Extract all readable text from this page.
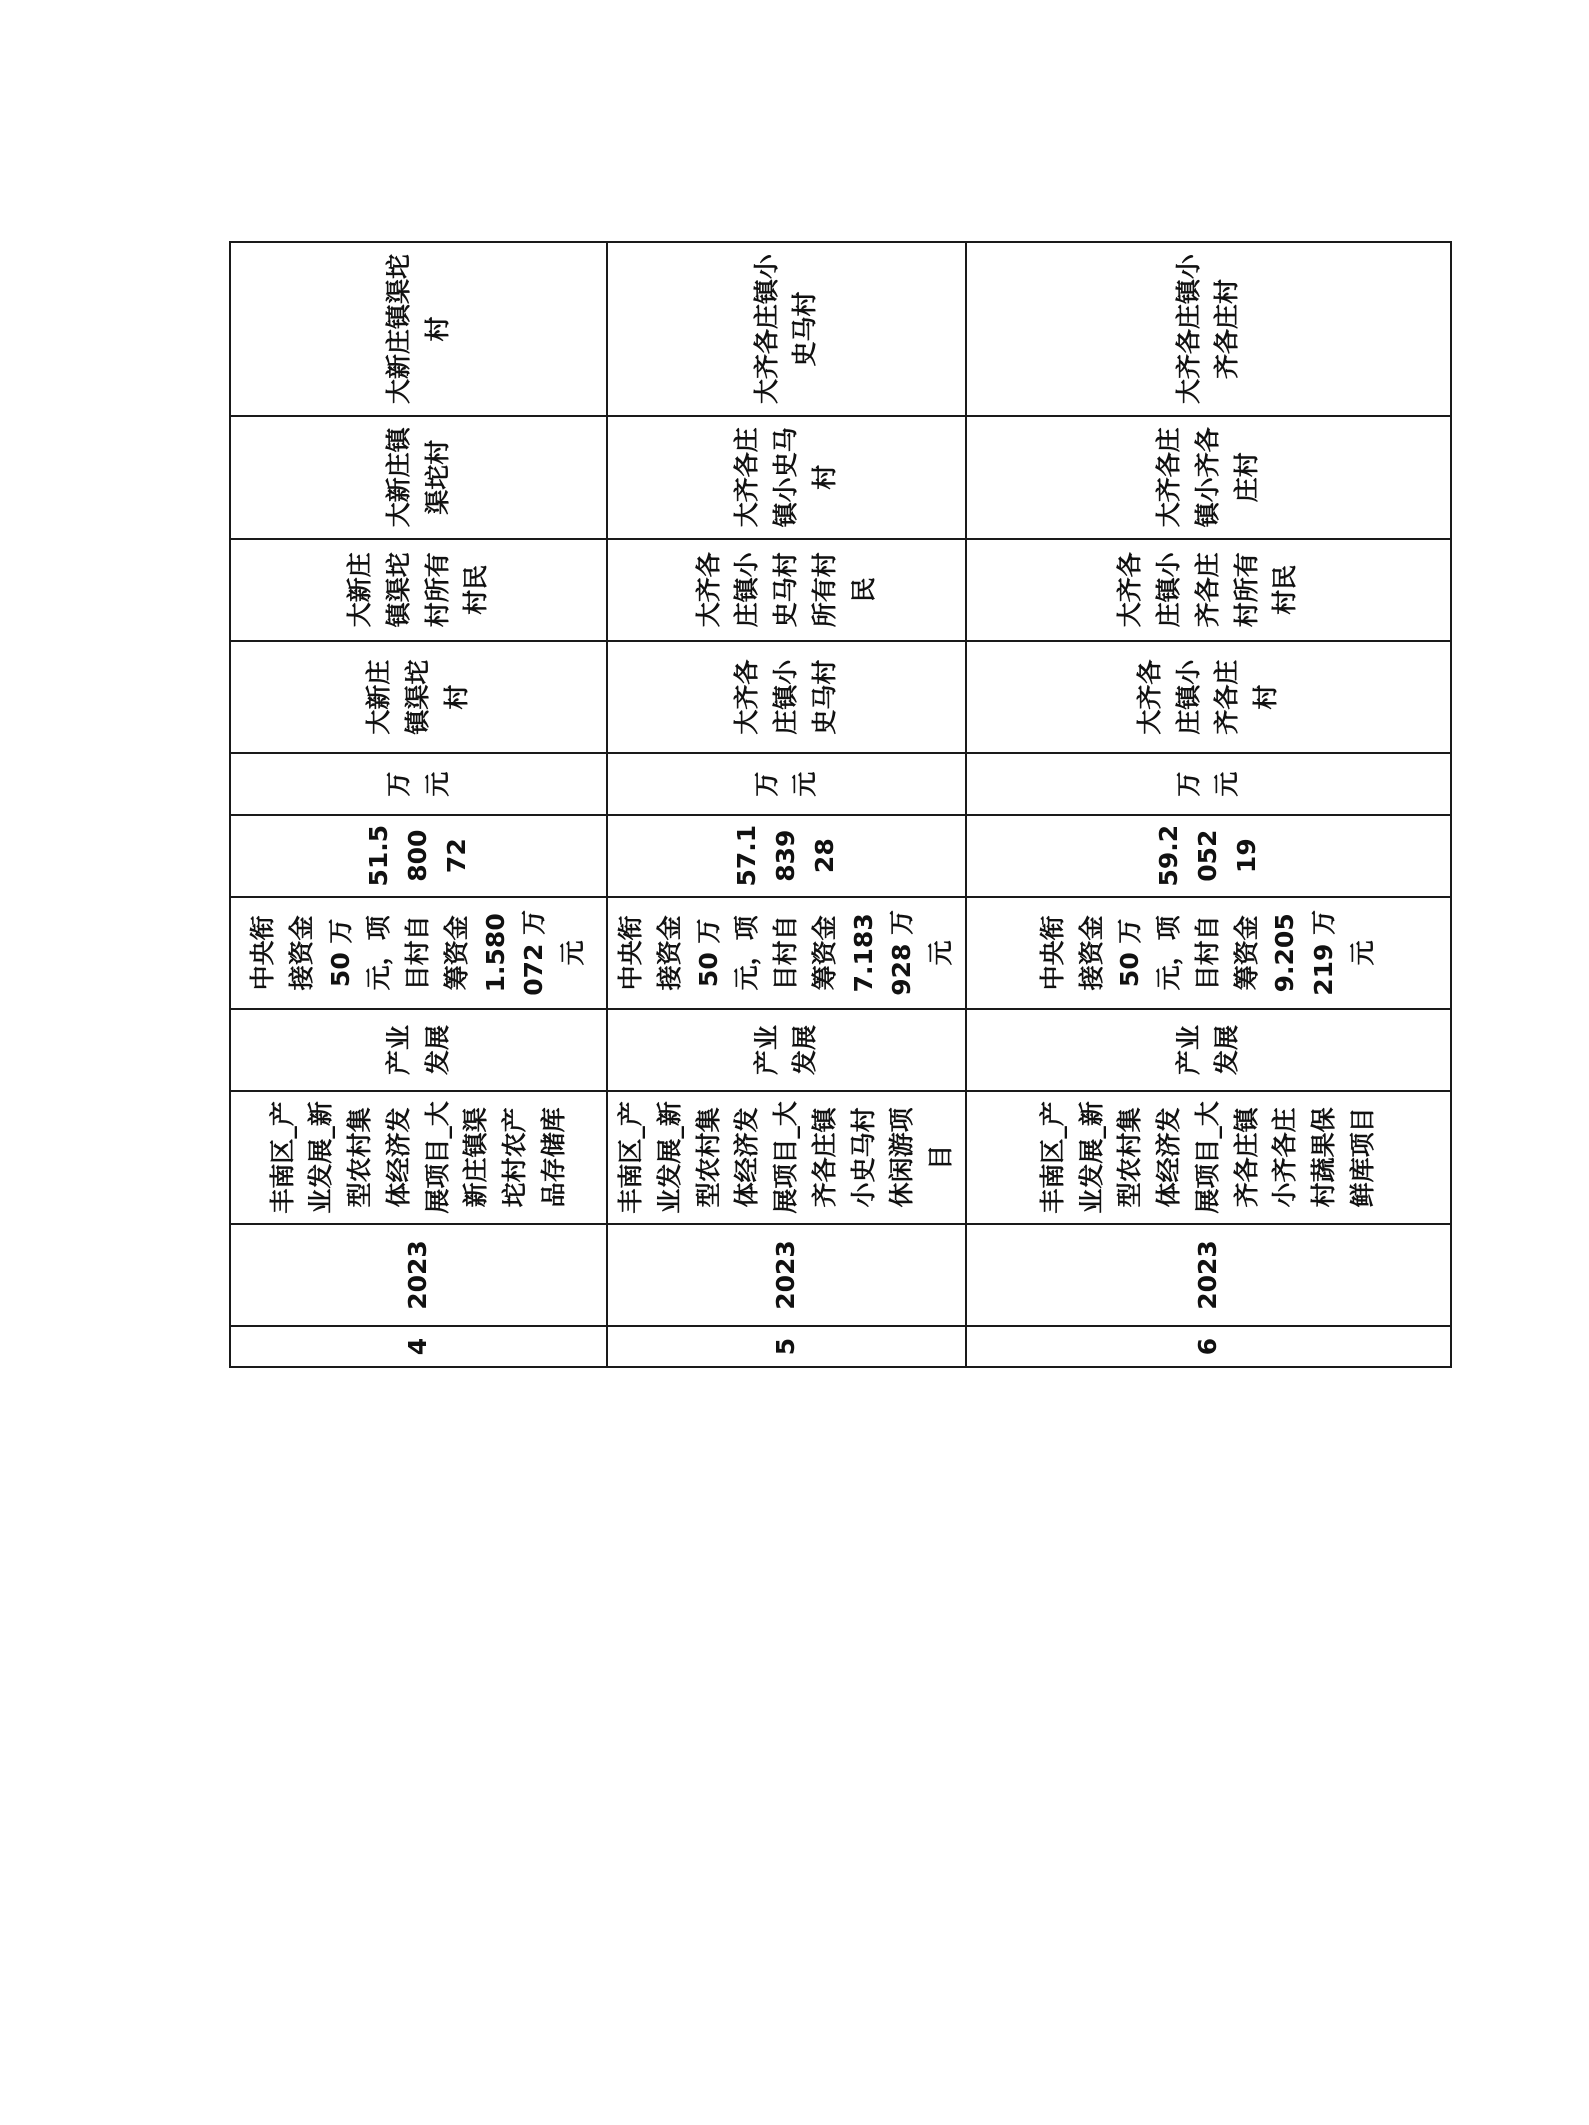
4	2023	丰南区_产业发展_新型农村集体经济发展项目_大新庄镇渠坨村农产品存储库	产业发展	中央衔接资金 50 万元，项目村自筹资金 1.580072 万元	51.580072	万元	大新庄镇渠坨村	大新庄镇渠坨村所有村民	大新庄镇渠坨村	大新庄镇渠坨村
5	2023	丰南区_产业发展_新型农村集体经济发展项目_大齐各庄镇小史马村休闲游项目	产业发展	中央衔接资金 50 万元，项目村自筹资金 7.183928 万元	57.183928	万元	大齐各庄镇小史马村	大齐各庄镇小史马村所有村民	大齐各庄镇小史马村	大齐各庄镇小史马村
6	2023	丰南区_产业发展_新型农村集体经济发展项目_大齐各庄镇小齐各庄村蔬果保鲜库项目	产业发展	中央衔接资金 50 万元，项目村自筹资金 9.205219 万元	59.205219	万元	大齐各庄镇小齐各庄村	大齐各庄镇小齐各庄村所有村民	大齐各庄镇小齐各庄村	大齐各庄镇小齐各庄村
